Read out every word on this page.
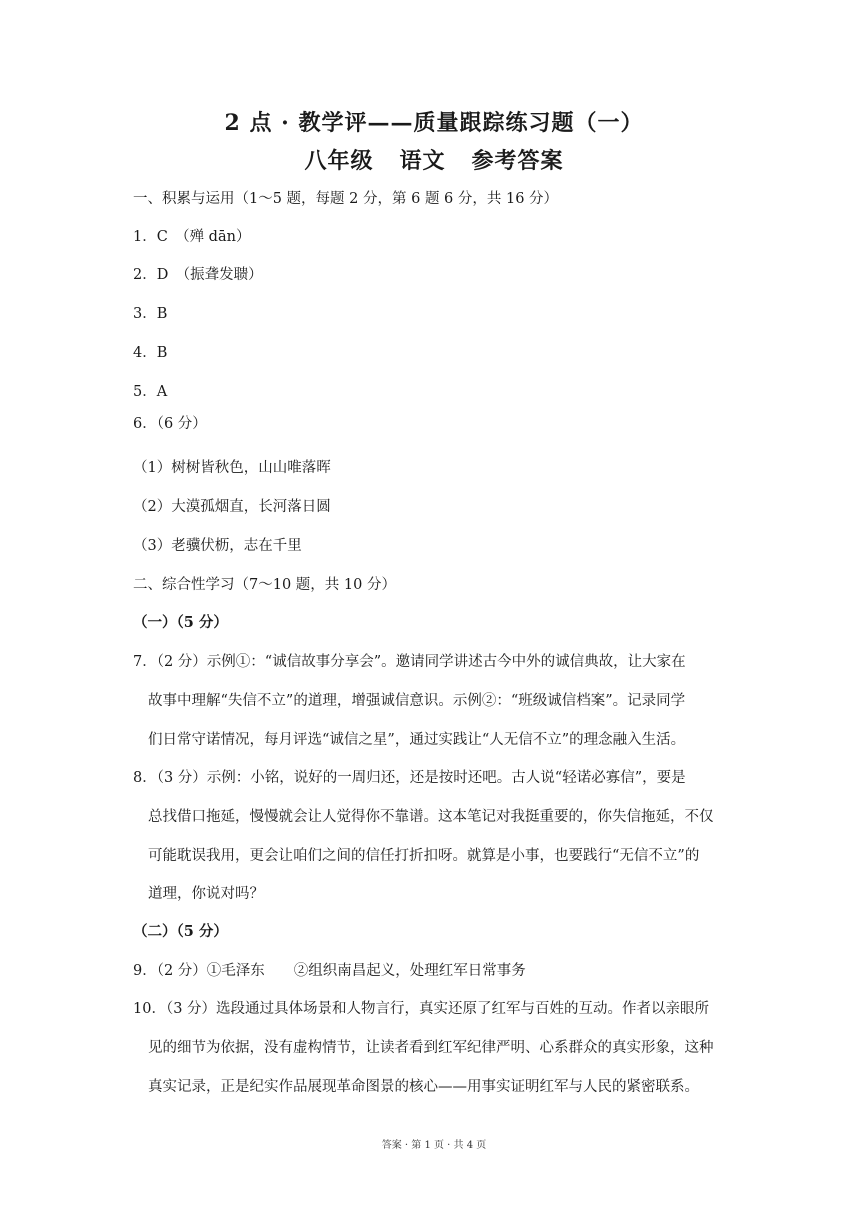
2 点 · 教学评——质量跟踪练习题（一）
八年级 语文 参考答案
一、积累与运用（1～5 题，每题 2 分，第 6 题 6 分，共 16 分）
1．C　（殚 dān）
2．D　（振聋发聩）
3．B
4．B
5．A
6．（6 分）
（1）树树皆秋色，山山唯落晖
（2）大漠孤烟直，长河落日圆
（3）老骥伏枥，志在千里
二、综合性学习（7～10 题，共 10 分）
（一）（5 分）
7．（2 分）示例①：“诚信故事分享会”。邀请同学讲述古今中外的诚信典故，让大家在
故事中理解“失信不立”的道理，增强诚信意识。示例②：“班级诚信档案”。记录同学
们日常守诺情况，每月评选“诚信之星”，通过实践让“人无信不立”的理念融入生活。
8．（3 分）示例：小铭，说好的一周归还，还是按时还吧。古人说“轻诺必寡信”，要是
总找借口拖延，慢慢就会让人觉得你不靠谱。这本笔记对我挺重要的，你失信拖延，不仅
可能耽误我用，更会让咱们之间的信任打折扣呀。就算是小事，也要践行“无信不立”的
道理，你说对吗？
（二）（5 分）
9．（2 分）①毛泽东　　②组织南昌起义，处理红军日常事务
10．（3 分）选段通过具体场景和人物言行，真实还原了红军与百姓的互动。作者以亲眼所
见的细节为依据，没有虚构情节，让读者看到红军纪律严明、心系群众的真实形象，这种
真实记录，正是纪实作品展现革命图景的核心——用事实证明红军与人民的紧密联系。
答案 · 第 1 页 · 共 4 页
